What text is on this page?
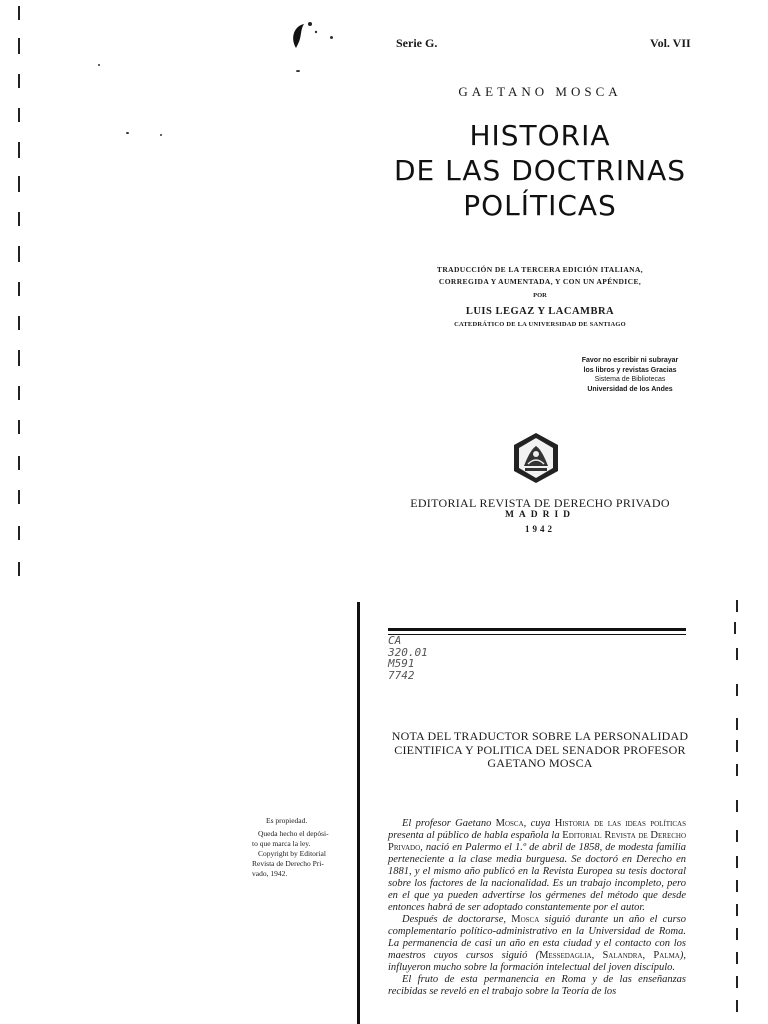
Serie G.	Vol. VII
GAETANO MOSCA
HISTORIA
DE LAS DOCTRINAS
POLÍTICAS
TRADUCCIÓN DE LA TERCERA EDICIÓN ITALIANA,
CORREGIDA Y AUMENTADA, Y CON UN APÉNDICE,
POR
LUIS LEGAZ Y LACAMBRA
CATEDRÁTICO DE LA UNIVERSIDAD DE SANTIAGO
Favor no escribir ni subrayar
los libros y revistas Gracias
Sistema de Bibliotecas
Universidad de los Andes
EDITORIAL REVISTA DE DERECHO PRIVADO
MADRID
1942
CA
320.01
M591
7742
NOTA DEL TRADUCTOR SOBRE LA PERSONALIDAD CIENTIFICA Y POLITICA DEL SENADOR PROFESOR GAETANO MOSCA
Es propiedad.
Queda hecho el depósi-
to que marca la ley.
Copyright by Editorial
Revista de Derecho Pri-
vado, 1942.

El profesor Gaetano Mosca, cuya Historia de las ideas políticas presenta al público de habla española la Editorial Revista de Derecho Privado, nació en Palermo el 1.º de abril de 1858, de modesta familia perteneciente a la clase media burguesa. Se doctoró en Derecho en 1881, y el mismo año publicó en la Revista Europea su tesis doctoral sobre los factores de la nacionalidad. Es un trabajo incompleto, pero en el que ya pueden advertirse los gérmenes del método que desde entonces habrá de ser adoptado constantemente por el autor.

Después de doctorarse, Mosca siguió durante un año el curso complementario político-administrativo en la Universidad de Roma. La permanencia de casi un año en esta ciudad y el contacto con los maestros cuyos cursos siguió (Messedaglia, Salandra, Palma), influyeron mucho sobre la formación intelectual del joven discípulo.

El fruto de esta permanencia en Roma y de las enseñanzas recibidas se reveló en el trabajo sobre la Teoría de los
